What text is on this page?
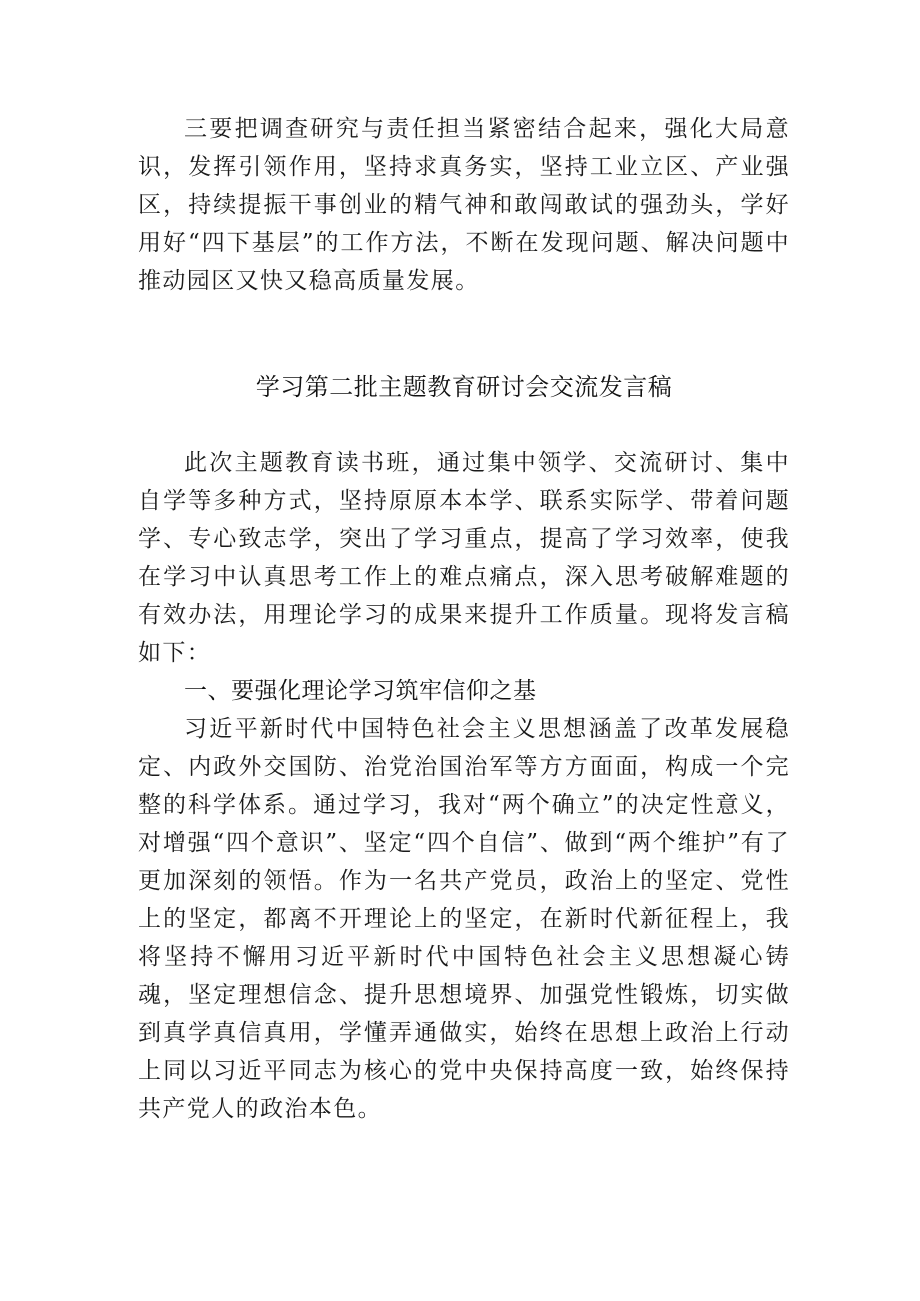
三要把调查研究与责任担当紧密结合起来，强化大局意识，发挥引领作用，坚持求真务实，坚持工业立区、产业强区，持续提振干事创业的精气神和敢闯敢试的强劲头，学好用好“四下基层”的工作方法，不断在发现问题、解决问题中推动园区又快又稳高质量发展。

学习第二批主题教育研讨会交流发言稿

此次主题教育读书班，通过集中领学、交流研讨、集中自学等多种方式，坚持原原本本学、联系实际学、带着问题学、专心致志学，突出了学习重点，提高了学习效率，使我在学习中认真思考工作上的难点痛点，深入思考破解难题的有效办法，用理论学习的成果来提升工作质量。现将发言稿如下：

一、要强化理论学习筑牢信仰之基

习近平新时代中国特色社会主义思想涵盖了改革发展稳定、内政外交国防、治党治国治军等方方面面，构成一个完整的科学体系。通过学习，我对“两个确立”的决定性意义，对增强“四个意识”、坚定“四个自信”、做到“两个维护”有了更加深刻的领悟。作为一名共产党员，政治上的坚定、党性上的坚定，都离不开理论上的坚定，在新时代新征程上，我将坚持不懈用习近平新时代中国特色社会主义思想凝心铸魂，坚定理想信念、提升思想境界、加强党性锻炼，切实做到真学真信真用，学懂弄通做实，始终在思想上政治上行动上同以习近平同志为核心的党中央保持高度一致，始终保持共产党人的政治本色。
